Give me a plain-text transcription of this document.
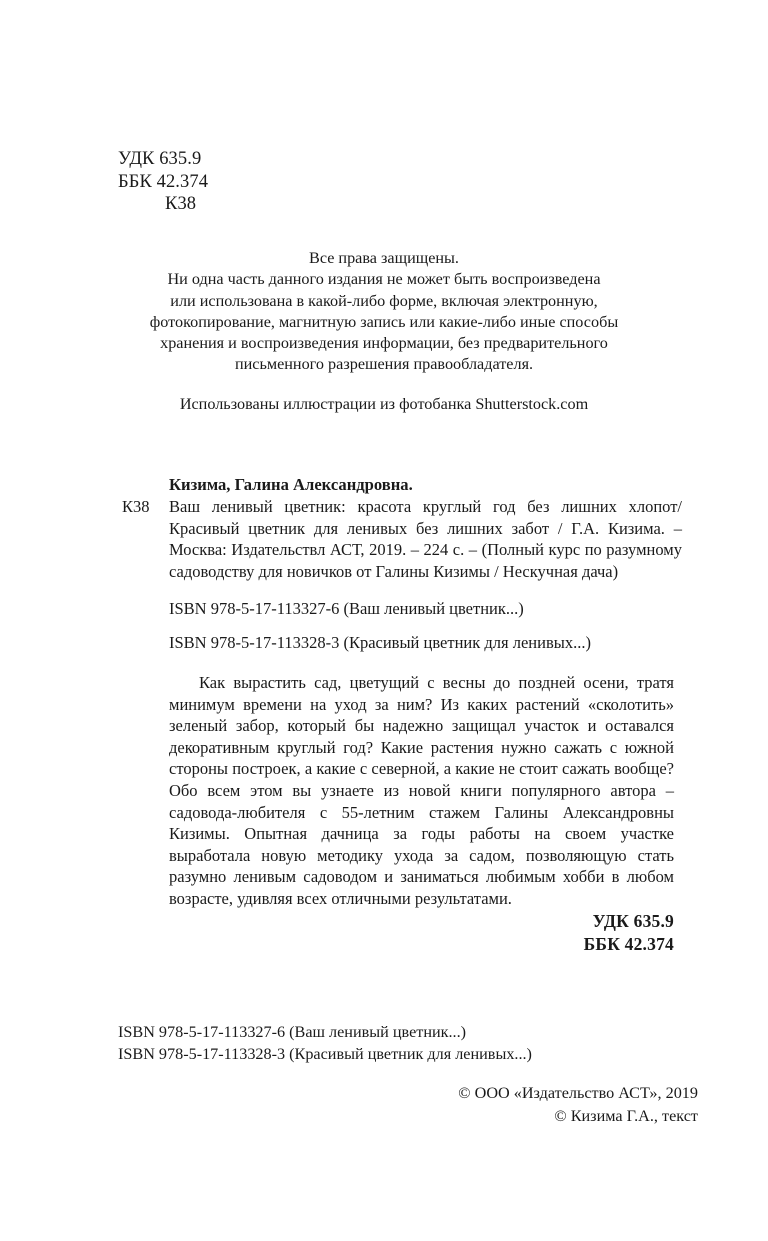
УДК 635.9
ББК 42.374
К38
Все права защищены.
Ни одна часть данного издания не может быть воспроизведена
или использована в какой-либо форме, включая электронную,
фотокопирование, магнитную запись или какие-либо иные способы
хранения и воспроизведения информации, без предварительного
письменного разрешения правообладателя.
Использованы иллюстрации из фотобанка Shutterstock.com
Кизима, Галина Александровна.
К38	Ваш ленивый цветник: красота круглый год без лишних хлопот/ Красивый цветник для ленивых без лишних забот / Г.А. Кизима. – Москва: Издательствл АСТ, 2019. – 224 с. – (Полный курс по разумному садоводству для новичков от Галины Кизимы / Нескучная дача)
ISBN 978-5-17-113327-6 (Ваш ленивый цветник...)
ISBN 978-5-17-113328-3 (Красивый цветник для ленивых...)
Как вырастить сад, цветущий с весны до поздней осени, тратя минимум времени на уход за ним? Из каких растений «сколотить» зеленый забор, который бы надежно защищал участок и оставался декоративным круглый год? Какие растения нужно сажать с южной стороны построек, а какие с северной, а какие не стоит сажать вообще? Обо всем этом вы узнаете из новой книги популярного автора – садовода-любителя с 55-летним стажем Галины Александровны Кизимы. Опытная дачница за годы работы на своем участке выработала новую методику ухода за садом, позволяющую стать разумно ленивым садоводом и заниматься любимым хобби в любом возрасте, удивляя всех отличными результатами.
УДК 635.9
ББК 42.374
ISBN 978-5-17-113327-6 (Ваш ленивый цветник...)
ISBN 978-5-17-113328-3 (Красивый цветник для ленивых...)
© ООО «Издательство АСТ», 2019
© Кизима Г.А., текст
